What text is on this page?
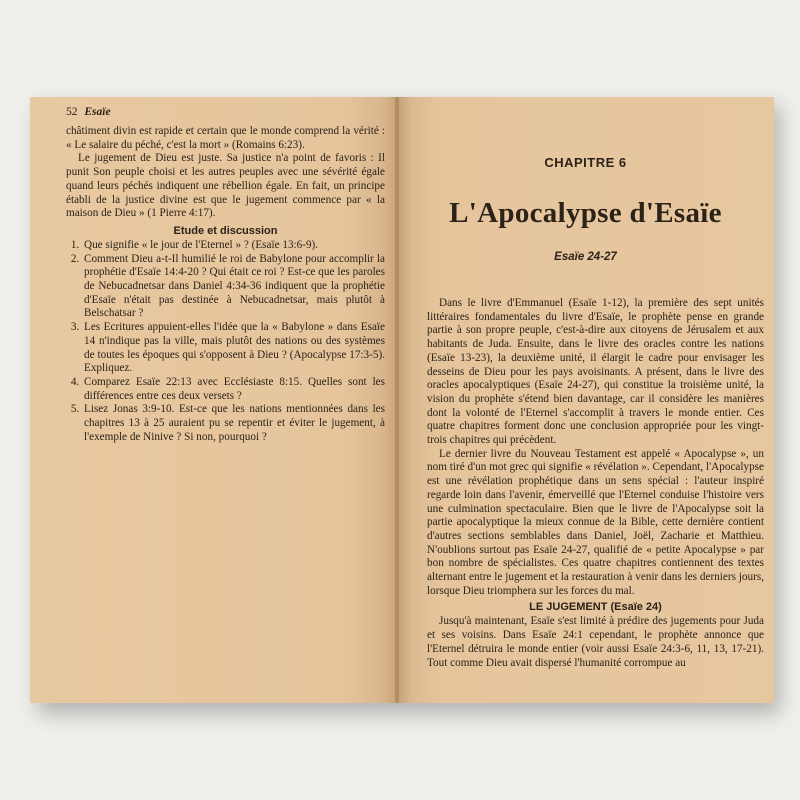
52 Esaïe

châtiment divin est rapide et certain que le monde comprend la vérité : « Le salaire du péché, c'est la mort » (Romains 6:23).

Le jugement de Dieu est juste. Sa justice n'a point de favoris : Il punit Son peuple choisi et les autres peuples avec une sévérité égale quand leurs péchés indiquent une rébellion égale. En fait, un principe établi de la justice divine est que le jugement commence par « la maison de Dieu » (1 Pierre 4:17).

Etude et discussion
1. Que signifie « le jour de l'Eternel » ? (Esaïe 13:6-9).
2. Comment Dieu a-t-Il humilié le roi de Babylone pour accomplir la prophétie d'Esaïe 14:4-20 ? Qui était ce roi ? Est-ce que les paroles de Nebucadnetsar dans Daniel 4:34-36 indiquent que la prophétie d'Esaïe n'était pas destinée à Nebucadnetsar, mais plutôt à Belschatsar ?
3. Les Ecritures appuient-elles l'idée que la « Babylone » dans Esaïe 14 n'indique pas la ville, mais plutôt des nations ou des systèmes de toutes les époques qui s'opposent à Dieu ? (Apocalypse 17:3-5). Expliquez.
4. Comparez Esaïe 22:13 avec Ecclésiaste 8:15. Quelles sont les différences entre ces deux versets ?
5. Lisez Jonas 3:9-10. Est-ce que les nations mentionnées dans les chapitres 13 à 25 auraient pu se repentir et éviter le jugement, à l'exemple de Ninive ? Si non, pourquoi ?
CHAPITRE 6
L'Apocalypse d'Esaïe
Esaïe 24-27

Dans le livre d'Emmanuel (Esaïe 1-12), la première des sept unités littéraires fondamentales du livre d'Esaïe, le prophète pense en grande partie à son propre peuple, c'est-à-dire aux citoyens de Jérusalem et aux habitants de Juda. Ensuite, dans le livre des oracles contre les nations (Esaïe 13-23), la deuxième unité, il élargit le cadre pour envisager les desseins de Dieu pour les pays avoisinants. A présent, dans le livre des oracles apocalyptiques (Esaïe 24-27), qui constitue la troisième unité, la vision du prophète s'étend bien davantage, car il considère les manières dont la volonté de l'Eternel s'accomplit à travers le monde entier. Ces quatre chapitres forment donc une conclusion appropriée pour les vingt-trois chapitres qui précèdent.

Le dernier livre du Nouveau Testament est appelé « Apocalypse », un nom tiré d'un mot grec qui signifie « révélation ». Cependant, l'Apocalypse est une révélation prophétique dans un sens spécial : l'auteur inspiré regarde loin dans l'avenir, émerveillé que l'Eternel conduise l'histoire vers une culmination spectaculaire. Bien que le livre de l'Apocalypse soit la partie apocalyptique la mieux connue de la Bible, cette dernière contient d'autres sections semblables dans Daniel, Joël, Zacharie et Matthieu. N'oublions surtout pas Esaïe 24-27, qualifié de « petite Apocalypse » par bon nombre de spécialistes. Ces quatre chapitres contiennent des textes alternant entre le jugement et la restauration à venir dans les derniers jours, lorsque Dieu triomphera sur les forces du mal.

LE JUGEMENT (Esaïe 24)

Jusqu'à maintenant, Esaïe s'est limité à prédire des jugements pour Juda et ses voisins. Dans Esaïe 24:1 cependant, le prophète annonce que l'Eternel détruira le monde entier (voir aussi Esaïe 24:3-6, 11, 13, 17-21). Tout comme Dieu avait dispersé l'humanité corrompue au
